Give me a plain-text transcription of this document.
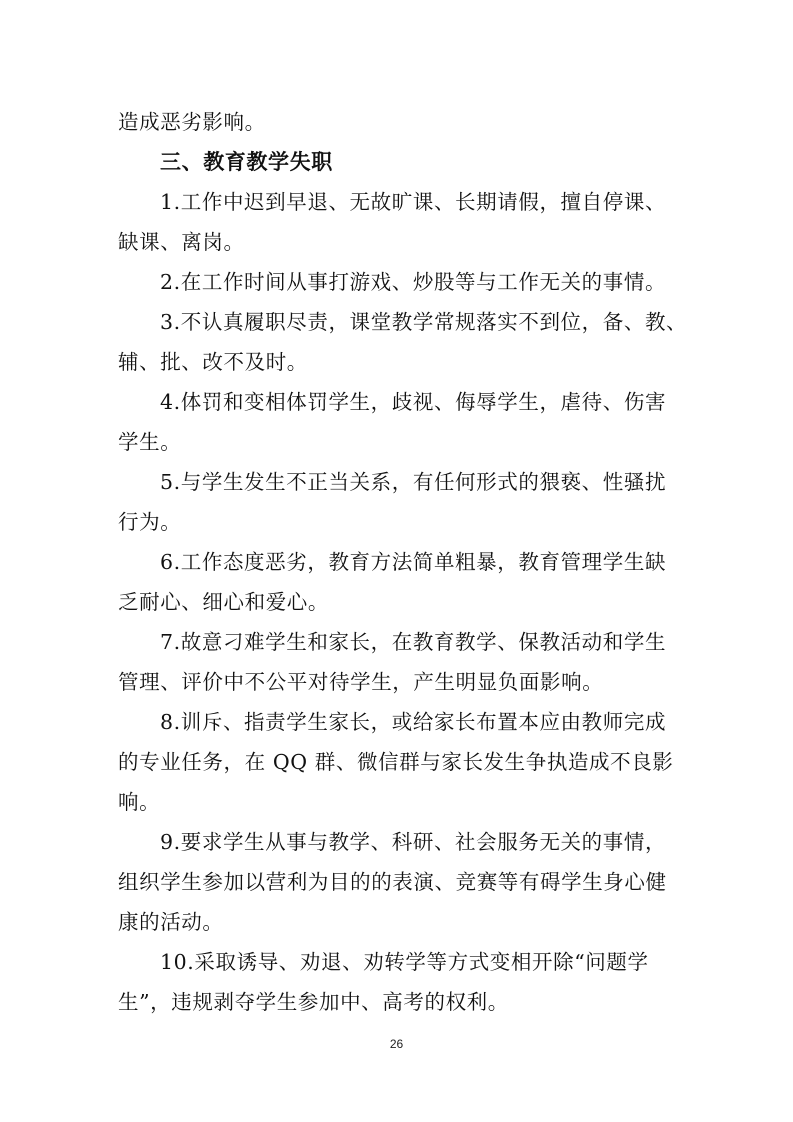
造成恶劣影响。
三、教育教学失职
1.工作中迟到早退、无故旷课、长期请假，擅自停课、
缺课、离岗。
2.在工作时间从事打游戏、炒股等与工作无关的事情。
3.不认真履职尽责，课堂教学常规落实不到位，备、教、
辅、批、改不及时。
4.体罚和变相体罚学生，歧视、侮辱学生，虐待、伤害
学生。
5.与学生发生不正当关系，有任何形式的猥亵、性骚扰
行为。
6.工作态度恶劣，教育方法简单粗暴，教育管理学生缺
乏耐心、细心和爱心。
7.故意刁难学生和家长，在教育教学、保教活动和学生
管理、评价中不公平对待学生，产生明显负面影响。
8.训斥、指责学生家长，或给家长布置本应由教师完成
的专业任务，在 QQ 群、微信群与家长发生争执造成不良影
响。
9.要求学生从事与教学、科研、社会服务无关的事情，
组织学生参加以营利为目的的表演、竞赛等有碍学生身心健
康的活动。
10.采取诱导、劝退、劝转学等方式变相开除“问题学
生”，违规剥夺学生参加中、高考的权利。
26
